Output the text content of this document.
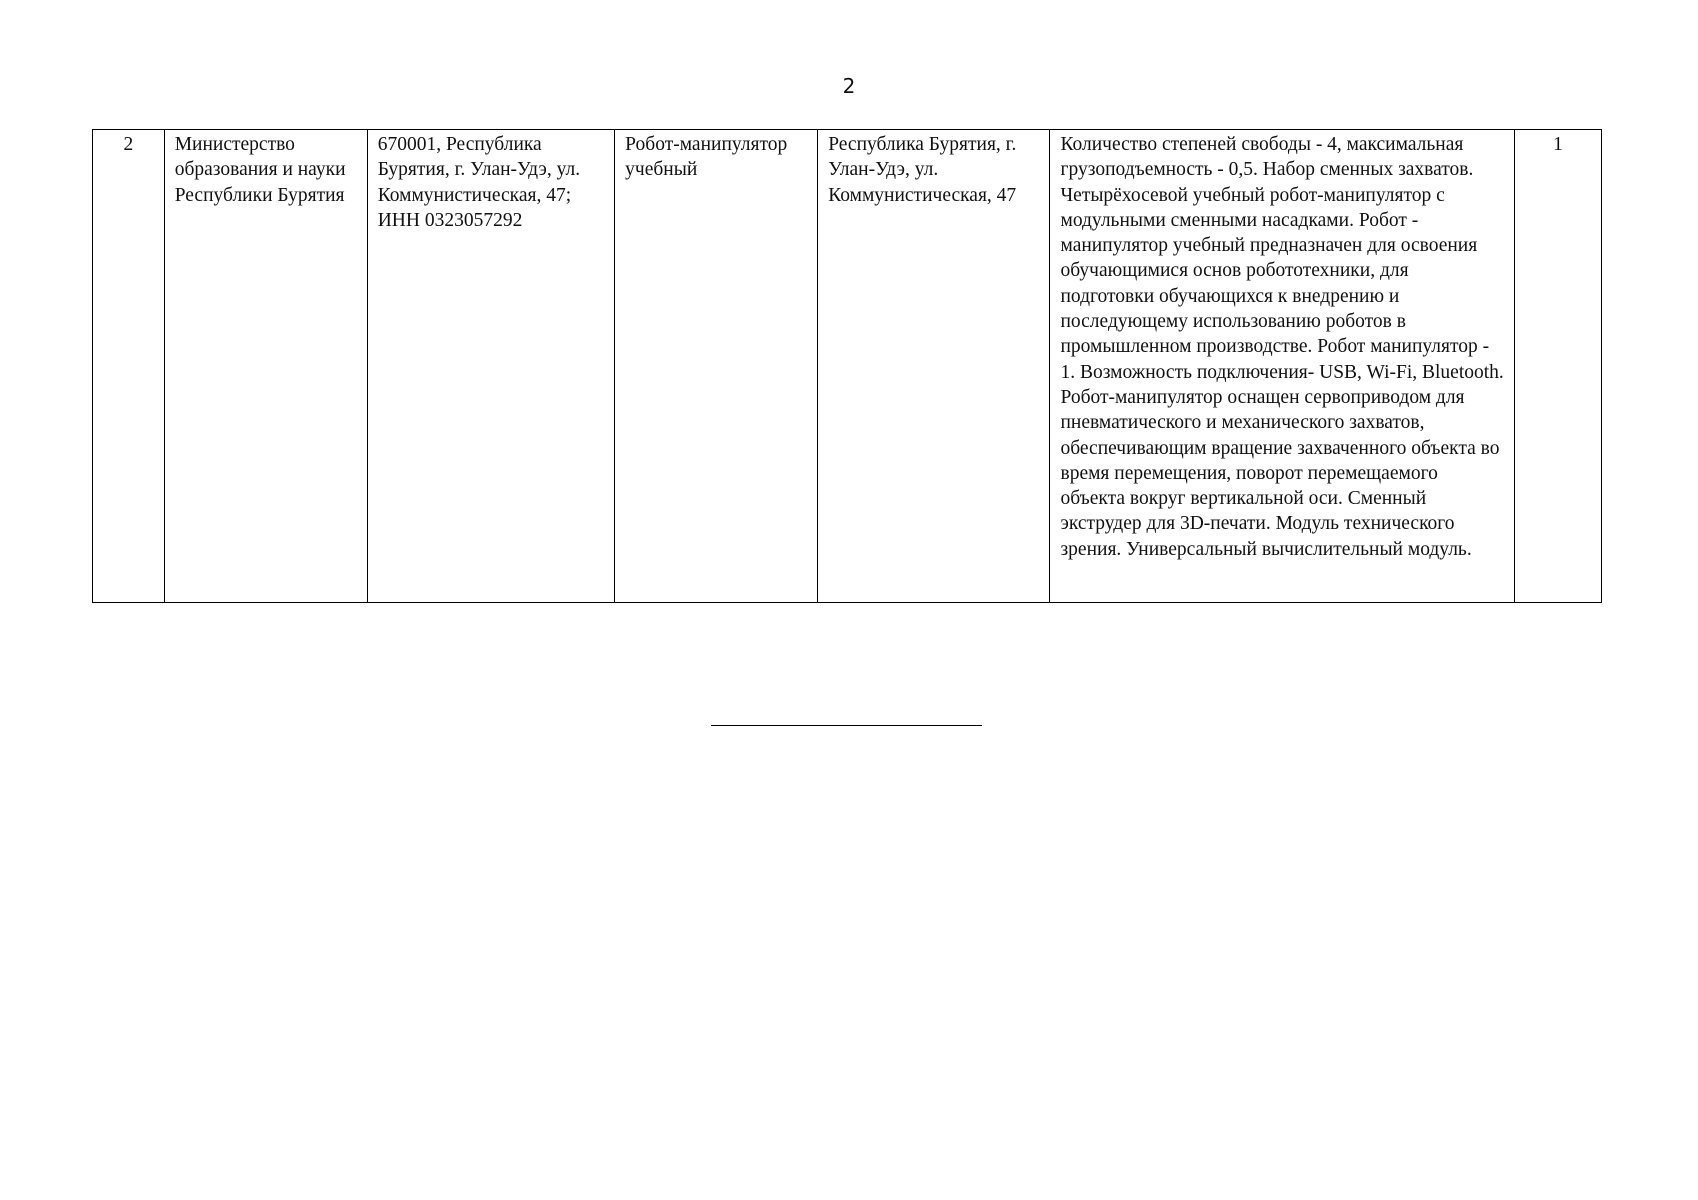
2
2	Министерство образования и науки Республики Бурятия	670001, Республика Бурятия, г. Улан-Удэ, ул. Коммунистическая, 47; ИНН 0323057292	Робот-манипулятор учебный	Республика Бурятия, г. Улан-Удэ, ул. Коммунистическая, 47	Количество степеней свободы - 4, максимальная грузоподъемность - 0,5. Набор сменных захватов. Четырёхосевой учебный робот-манипулятор с модульными сменными насадками. Робот - манипулятор учебный предназначен для освоения обучающимися основ робототехники, для подготовки обучающихся к внедрению и последующему использованию роботов в промышленном производстве. Робот манипулятор - 1. Возможность подключения- USB, Wi-Fi, Bluetooth. Робот-манипулятор оснащен сервоприводом для пневматического и механического захватов, обеспечивающим вращение захваченного объекта во время перемещения, поворот перемещаемого объекта вокруг вертикальной оси. Сменный экструдер для 3D-печати. Модуль технического зрения. Универсальный вычислительный модуль.	1
